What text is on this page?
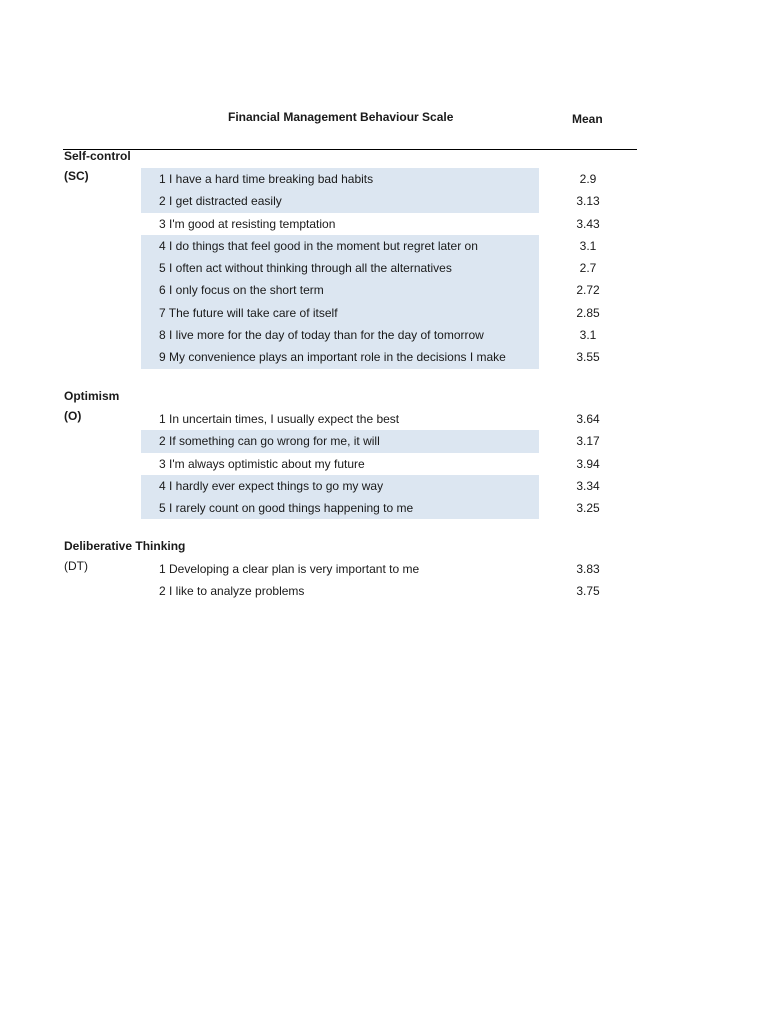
Financial Management Behaviour Scale	Mean
Self-control
(SC)	1 I have a hard time breaking bad habits	2.9
2 I get distracted easily	3.13
3 I'm good at resisting temptation	3.43
4 I do things that feel good in the moment but regret later on	3.1
5 I often act without thinking through all the alternatives	2.7
6 I only focus on the short term	2.72
7 The future will take care of itself	2.85
8 I live more for the day of today than for the day of tomorrow	3.1
9 My convenience plays an important role in the decisions I make	3.55
Optimism
(O)	1 In uncertain times, I usually expect the best	3.64
2 If something can go wrong for me, it will	3.17
3 I'm always optimistic about my future	3.94
4 I hardly ever expect things to go my way	3.34
5 I rarely count on good things happening to me	3.25
Deliberative Thinking
(DT)	1 Developing a clear plan is very important to me	3.83
2 I like to analyze problems	3.75
